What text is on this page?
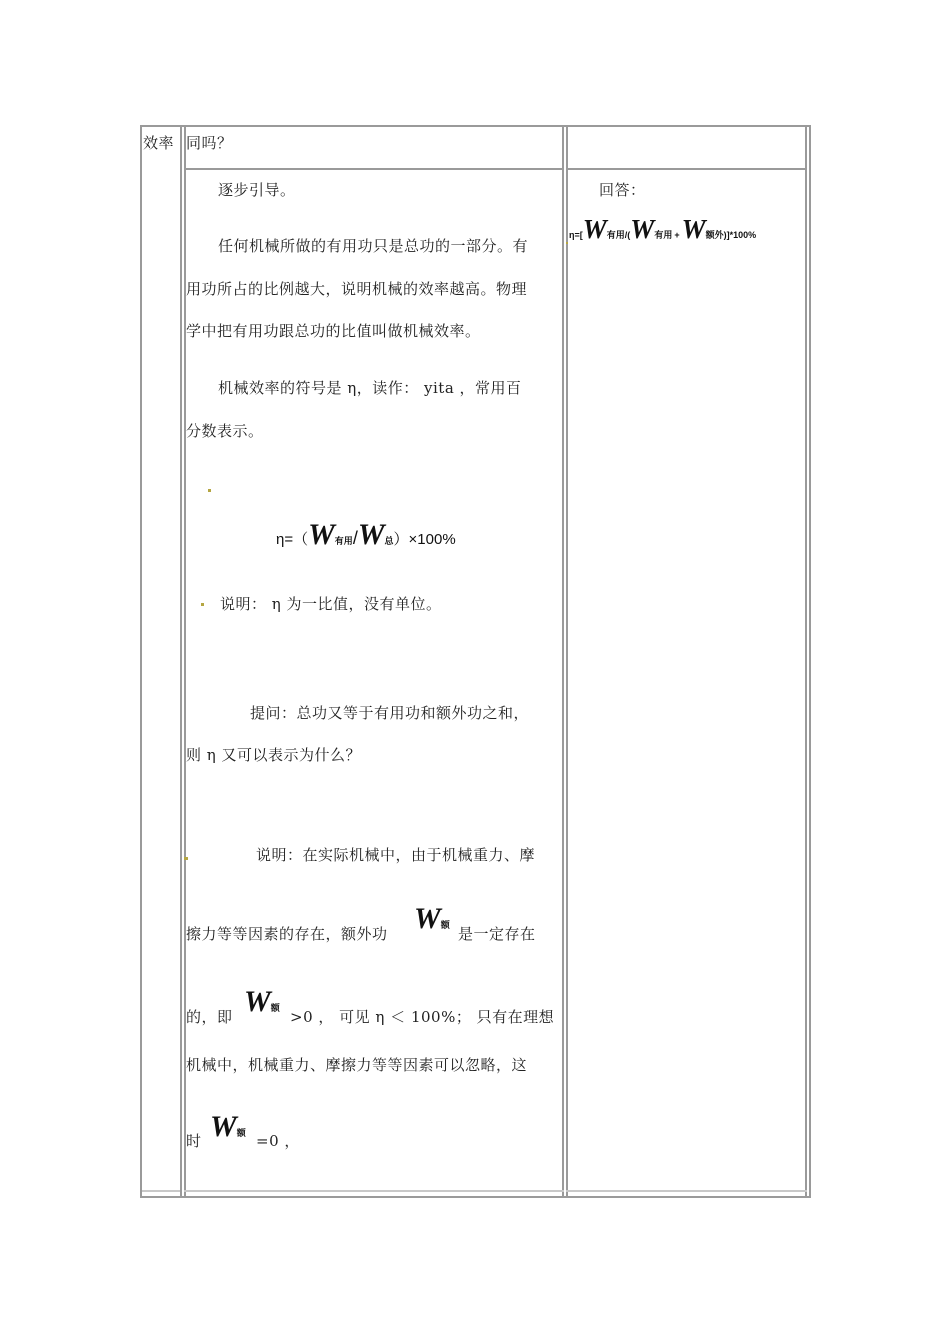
效率 同吗？
逐步引导。
任何机械所做的有用功只是总功的一部分。有
用功所占的比例越大，说明机械的效率越高。物理
学中把有用功跟总功的比值叫做机械效率。
机械效率的符号是 η，读作： yita ，常用百
分数表示。
η=（W有用/W总）×100%
说明： η 为一比值，没有单位。
提问：总功又等于有用功和额外功之和，
则 η 又可以表示为什么？
说明：在实际机械中，由于机械重力、摩
擦力等等因素的存在，额外功 W额 是一定存在
的，即 W额 >0 ， 可见 η ＜ 100%； 只有在理想
机械中，机械重力、摩擦力等等因素可以忽略，这
时 W额 =0 ，
回答：
η=[W有用/(W有用 +W额外)]*100%
